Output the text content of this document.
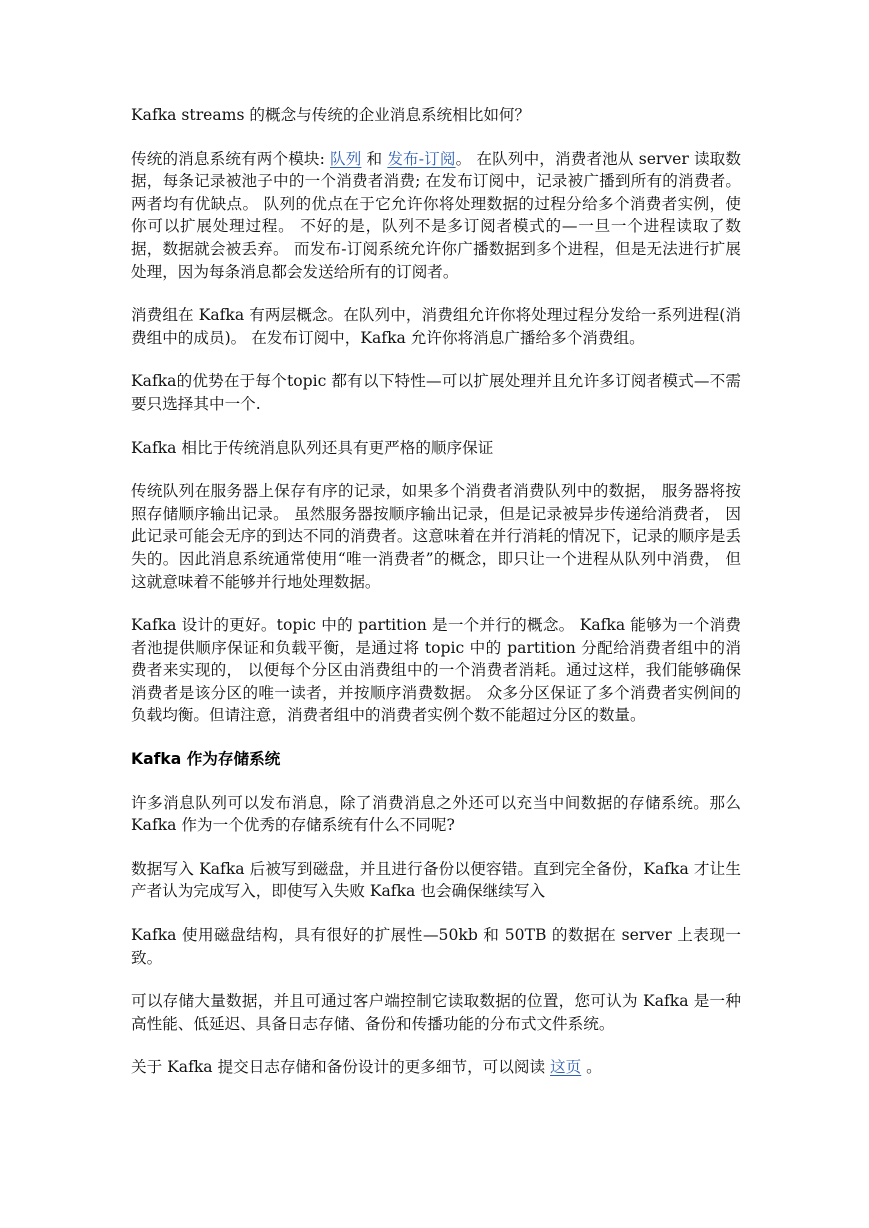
Kafka streams 的概念与传统的企业消息系统相比如何？

传统的消息系统有两个模块: 队列 和 发布-订阅。 在队列中，消费者池从 server 读取数据，每条记录被池子中的一个消费者消费; 在发布订阅中，记录被广播到所有的消费者。两者均有优缺点。 队列的优点在于它允许你将处理数据的过程分给多个消费者实例，使你可以扩展处理过程。 不好的是，队列不是多订阅者模式的—一旦一个进程读取了数据，数据就会被丢弃。 而发布-订阅系统允许你广播数据到多个进程，但是无法进行扩展处理，因为每条消息都会发送给所有的订阅者。

消费组在 Kafka 有两层概念。在队列中，消费组允许你将处理过程分发给一系列进程(消费组中的成员)。 在发布订阅中，Kafka 允许你将消息广播给多个消费组。

Kafka的优势在于每个topic 都有以下特性—可以扩展处理并且允许多订阅者模式—不需要只选择其中一个.

Kafka 相比于传统消息队列还具有更严格的顺序保证

传统队列在服务器上保存有序的记录，如果多个消费者消费队列中的数据， 服务器将按照存储顺序输出记录。 虽然服务器按顺序输出记录，但是记录被异步传递给消费者， 因此记录可能会无序的到达不同的消费者。这意味着在并行消耗的情况下，记录的顺序是丢失的。因此消息系统通常使用“唯一消费者”的概念，即只让一个进程从队列中消费， 但这就意味着不能够并行地处理数据。

Kafka 设计的更好。topic 中的 partition 是一个并行的概念。 Kafka 能够为一个消费者池提供顺序保证和负载平衡，是通过将 topic 中的 partition 分配给消费者组中的消费者来实现的， 以便每个分区由消费组中的一个消费者消耗。通过这样，我们能够确保消费者是该分区的唯一读者，并按顺序消费数据。 众多分区保证了多个消费者实例间的负载均衡。但请注意，消费者组中的消费者实例个数不能超过分区的数量。

Kafka 作为存储系统

许多消息队列可以发布消息，除了消费消息之外还可以充当中间数据的存储系统。那么 Kafka 作为一个优秀的存储系统有什么不同呢?

数据写入 Kafka 后被写到磁盘，并且进行备份以便容错。直到完全备份，Kafka 才让生产者认为完成写入，即使写入失败 Kafka 也会确保继续写入

Kafka 使用磁盘结构，具有很好的扩展性—50kb 和 50TB 的数据在 server 上表现一致。

可以存储大量数据，并且可通过客户端控制它读取数据的位置，您可认为 Kafka 是一种高性能、低延迟、具备日志存储、备份和传播功能的分布式文件系统。

关于 Kafka 提交日志存储和备份设计的更多细节，可以阅读 这页 。
